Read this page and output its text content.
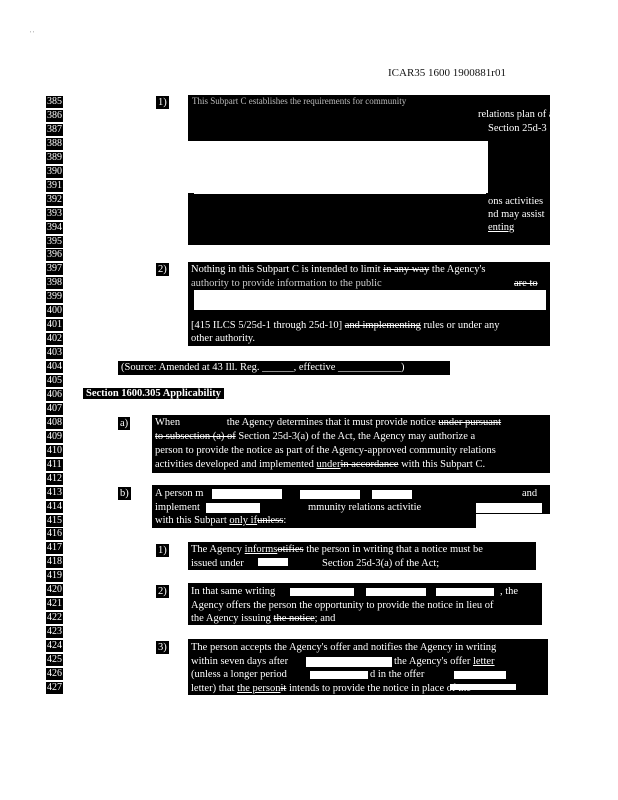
' '
ICAR35 1600 1900881r01
385
386
387
388
389
390
391
392
393
394
395
396
397
398
399
400
401
402
403
404
405
406
407
408
409
410
411
412
413
414
415
416
417
418
419
420
421
422
423
424
425
426
427
1)	This Subpart C establishes the requirements for community
relations plan of a
Section 25d-3
ons activities
nd may assist
enting
2) Nothing in this Subpart C is intended to limit in any way the Agency's
authority to provide information to the public	are to
[415 ILCS 5/25d-1 through 25d-10] and implementing rules or under any
other authority.
(Source: Amended at 43 Ill. Reg. ______, effective ____________)
Section 1600.305 Applicability
a)	When	the Agency determines that it must provide notice under pursuant
to subsection (a) of Section 25d-3(a) of the Act, the Agency may authorize a
person to provide the notice as part of the Agency-approved community relations
activities developed and implemented underin accordance with this Subpart C.
b)	A person m	and
implement	mmunity relations activitie
with this Subpart only ifunless:
1) The Agency informsotifies the person in writing that a notice must be
issued under	Section 25d-3(a) of the Act;
2) In that same writing	, the
Agency offers the person the opportunity to provide the notice in lieu of
the Agency issuing the notice; and
3) The person accepts the Agency's offer and notifies the Agency in writing
within seven days after	the Agency's offer letter
(unless a longer period	d in the offer
letter) that the personit intends to provide the notice in place of the
